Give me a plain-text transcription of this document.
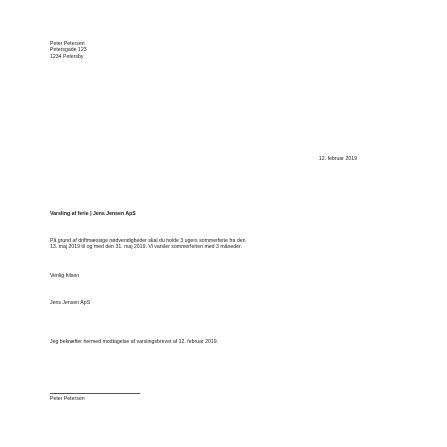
Peter Petersen
Petersgade 123
1234 Petersby
12. februar 2019
Varsling af ferie | Jens Jensen ApS
På grund af driftmæssige nødvendigheder skal du holde 3 ugers sommerferie fra den
13. maj 2019 til og med den 31. maj 2019. Vi varsler sommerferien med 3 måneder.
Venlig hilsen
Jens Jensen ApS
Jeg bekræfter hermed modtagelse af varslingsbrevet af 12. februar 2019.
Peter Petersen
